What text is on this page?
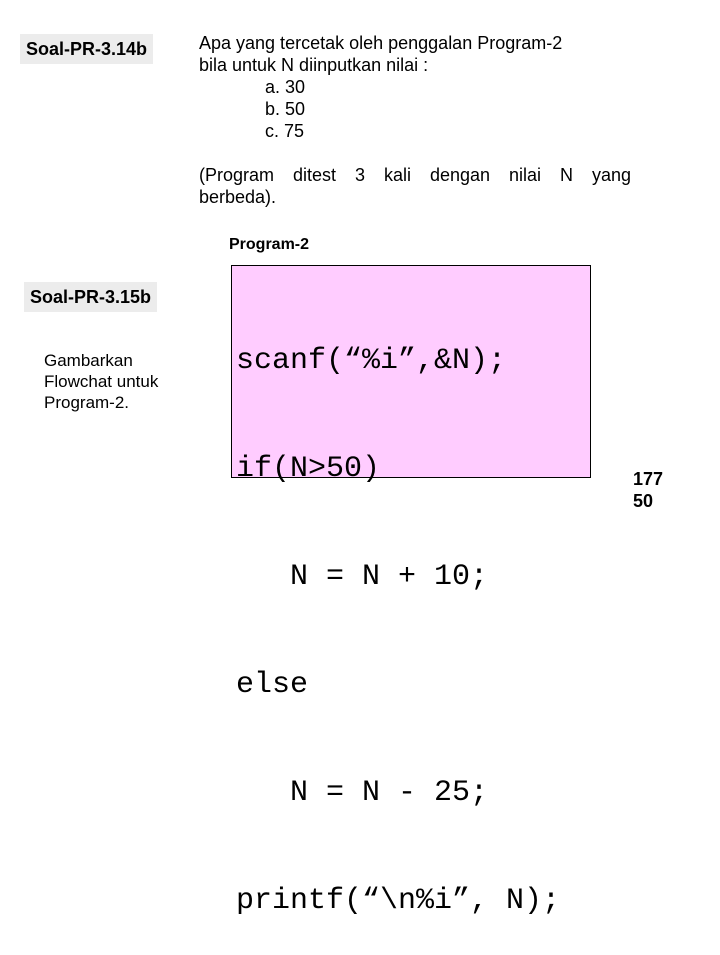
Soal-PR-3.14b	Apa yang tercetak oleh penggalan Program-2
bila untuk N diinputkan nilai :
a. 30
b. 50
c. 75
(Program ditest 3 kali dengan nilai N yang
berbeda).
Program-2
Soal-PR-3.15b
Gambarkan
Flowchat untuk
Program-2.

scanf(“%i”,&N);

if(N>50)

N = N + 10;

else

N = N - 25;

printf(“\n%i”, N);

177
50
